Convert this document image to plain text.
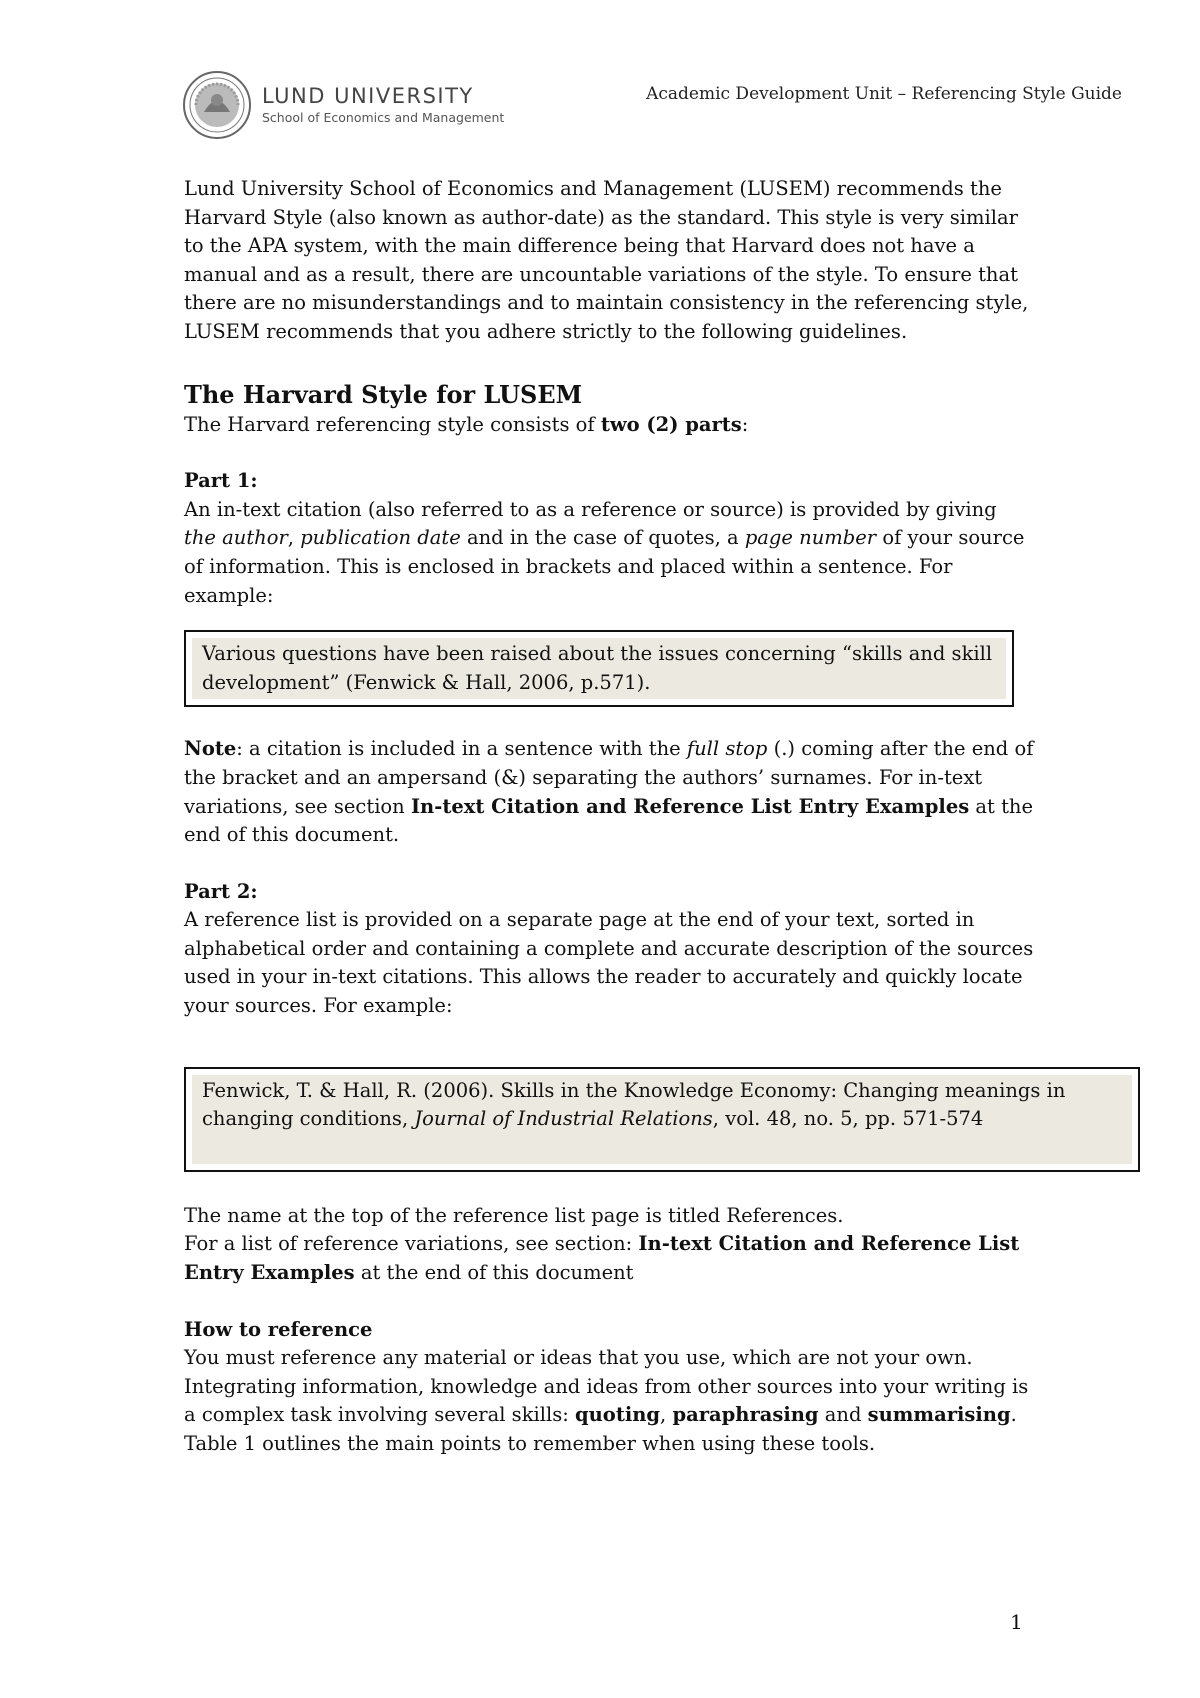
LUND UNIVERSITY
School of Economics and Management
Academic Development Unit – Referencing Style Guide

Lund University School of Economics and Management (LUSEM) recommends the Harvard Style (also known as author-date) as the standard. This style is very similar to the APA system, with the main difference being that Harvard does not have a manual and as a result, there are uncountable variations of the style. To ensure that there are no misunderstandings and to maintain consistency in the referencing style, LUSEM recommends that you adhere strictly to the following guidelines.

The Harvard Style for LUSEM

The Harvard referencing style consists of two (2) parts:

Part 1:

An in-text citation (also referred to as a reference or source) is provided by giving the author, publication date and in the case of quotes, a page number of your source of information. This is enclosed in brackets and placed within a sentence. For example:

Various questions have been raised about the issues concerning “skills and skill development” (Fenwick & Hall, 2006, p.571).

Note: a citation is included in a sentence with the full stop (.) coming after the end of the bracket and an ampersand (&) separating the authors’ surnames. For in-text variations, see section In-text Citation and Reference List Entry Examples at the end of this document.

Part 2:

A reference list is provided on a separate page at the end of your text, sorted in alphabetical order and containing a complete and accurate description of the sources used in your in-text citations. This allows the reader to accurately and quickly locate your sources. For example:

Fenwick, T. & Hall, R. (2006). Skills in the Knowledge Economy: Changing meanings in changing conditions, Journal of Industrial Relations, vol. 48, no. 5, pp. 571-574

The name at the top of the reference list page is titled References.

For a list of reference variations, see section: In-text Citation and Reference List Entry Examples at the end of this document

How to reference

You must reference any material or ideas that you use, which are not your own. Integrating information, knowledge and ideas from other sources into your writing is a complex task involving several skills: quoting, paraphrasing and summarising. Table 1 outlines the main points to remember when using these tools.

1
